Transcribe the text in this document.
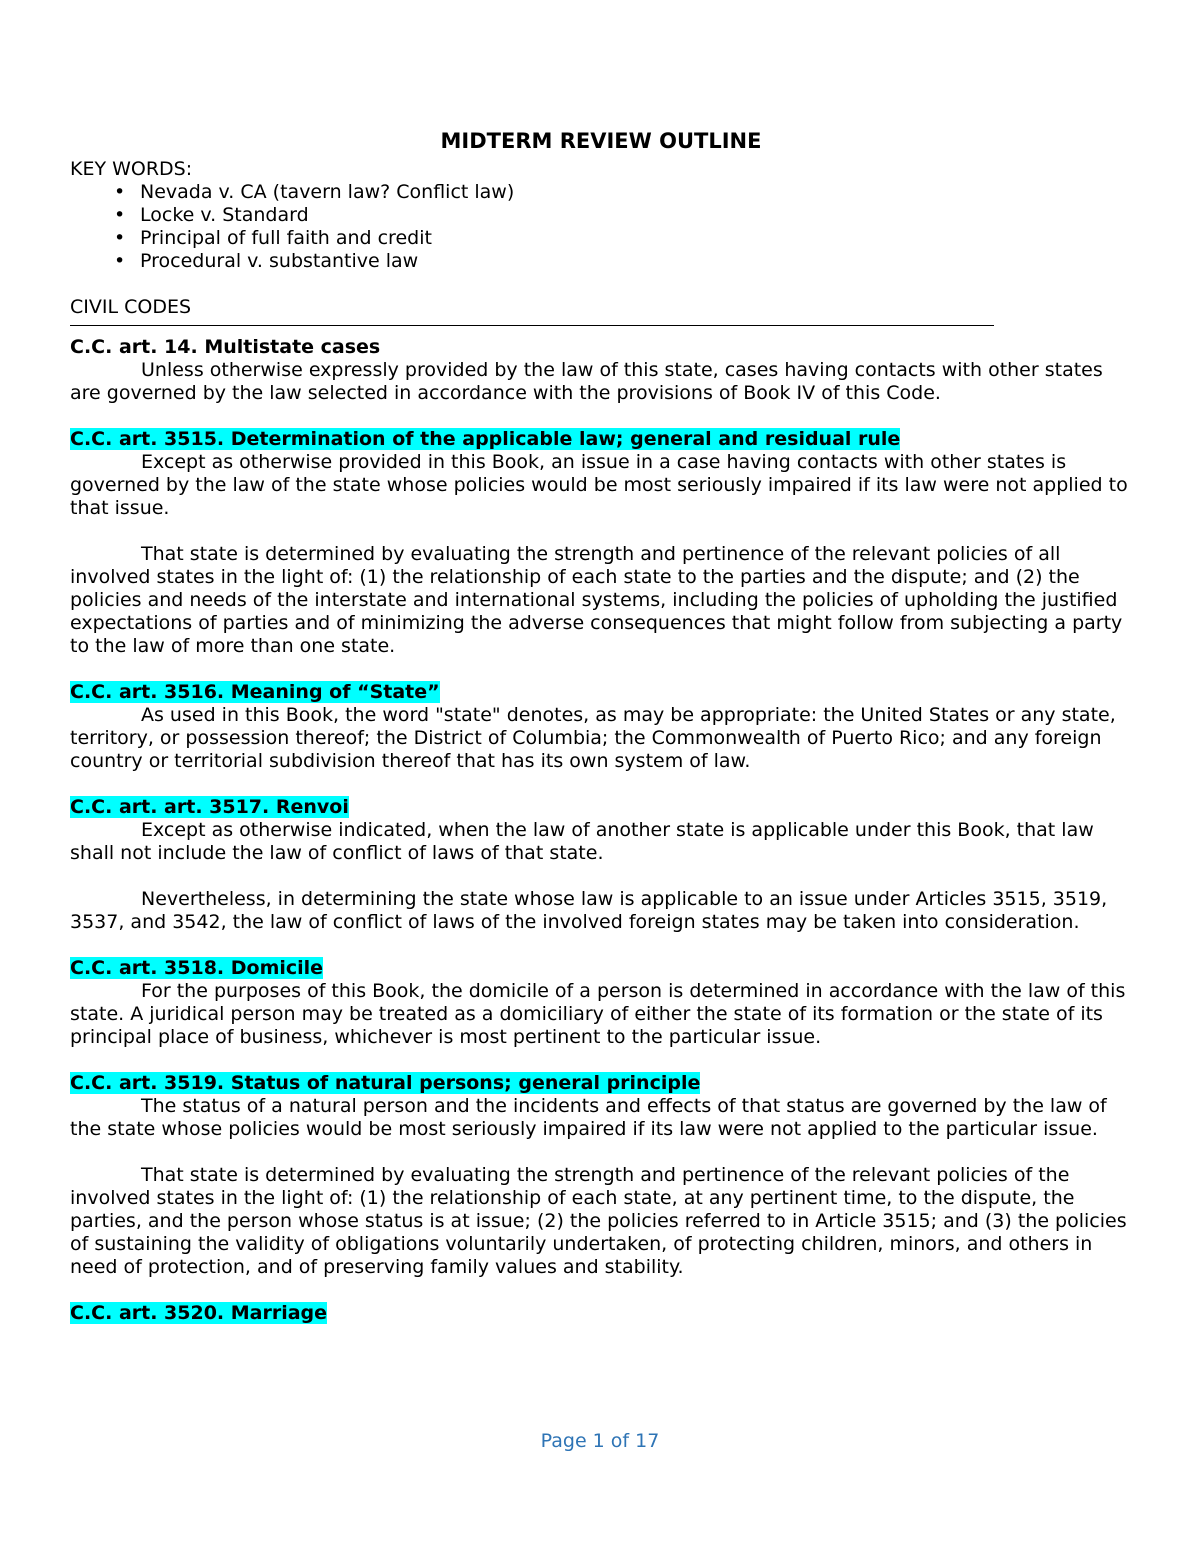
MIDTERM REVIEW OUTLINE
KEY WORDS:
• Nevada v. CA (tavern law? Conflict law)
• Locke v. Standard
• Principal of full faith and credit
• Procedural v. substantive law
CIVIL CODES
C.C. art. 14. Multistate cases

Unless otherwise expressly provided by the law of this state, cases having contacts with other states are governed by the law selected in accordance with the provisions of Book IV of this Code.

C.C. art. 3515. Determination of the applicable law; general and residual rule

Except as otherwise provided in this Book, an issue in a case having contacts with other states is governed by the law of the state whose policies would be most seriously impaired if its law were not applied to that issue.

That state is determined by evaluating the strength and pertinence of the relevant policies of all involved states in the light of: (1) the relationship of each state to the parties and the dispute; and (2) the policies and needs of the interstate and international systems, including the policies of upholding the justified expectations of parties and of minimizing the adverse consequences that might follow from subjecting a party to the law of more than one state.

C.C. art. 3516. Meaning of “State”

As used in this Book, the word "state" denotes, as may be appropriate: the United States or any state, territory, or possession thereof; the District of Columbia; the Commonwealth of Puerto Rico; and any foreign country or territorial subdivision thereof that has its own system of law.

C.C. art. art. 3517. Renvoi

Except as otherwise indicated, when the law of another state is applicable under this Book, that law shall not include the law of conflict of laws of that state.

Nevertheless, in determining the state whose law is applicable to an issue under Articles 3515, 3519, 3537, and 3542, the law of conflict of laws of the involved foreign states may be taken into consideration.

C.C. art. 3518. Domicile

For the purposes of this Book, the domicile of a person is determined in accordance with the law of this state. A juridical person may be treated as a domiciliary of either the state of its formation or the state of its principal place of business, whichever is most pertinent to the particular issue.

C.C. art. 3519. Status of natural persons; general principle

The status of a natural person and the incidents and effects of that status are governed by the law of the state whose policies would be most seriously impaired if its law were not applied to the particular issue.

That state is determined by evaluating the strength and pertinence of the relevant policies of the involved states in the light of: (1) the relationship of each state, at any pertinent time, to the dispute, the parties, and the person whose status is at issue; (2) the policies referred to in Article 3515; and (3) the policies of sustaining the validity of obligations voluntarily undertaken, of protecting children, minors, and others in need of protection, and of preserving family values and stability.

C.C. art. 3520. Marriage
Page 1 of 17
